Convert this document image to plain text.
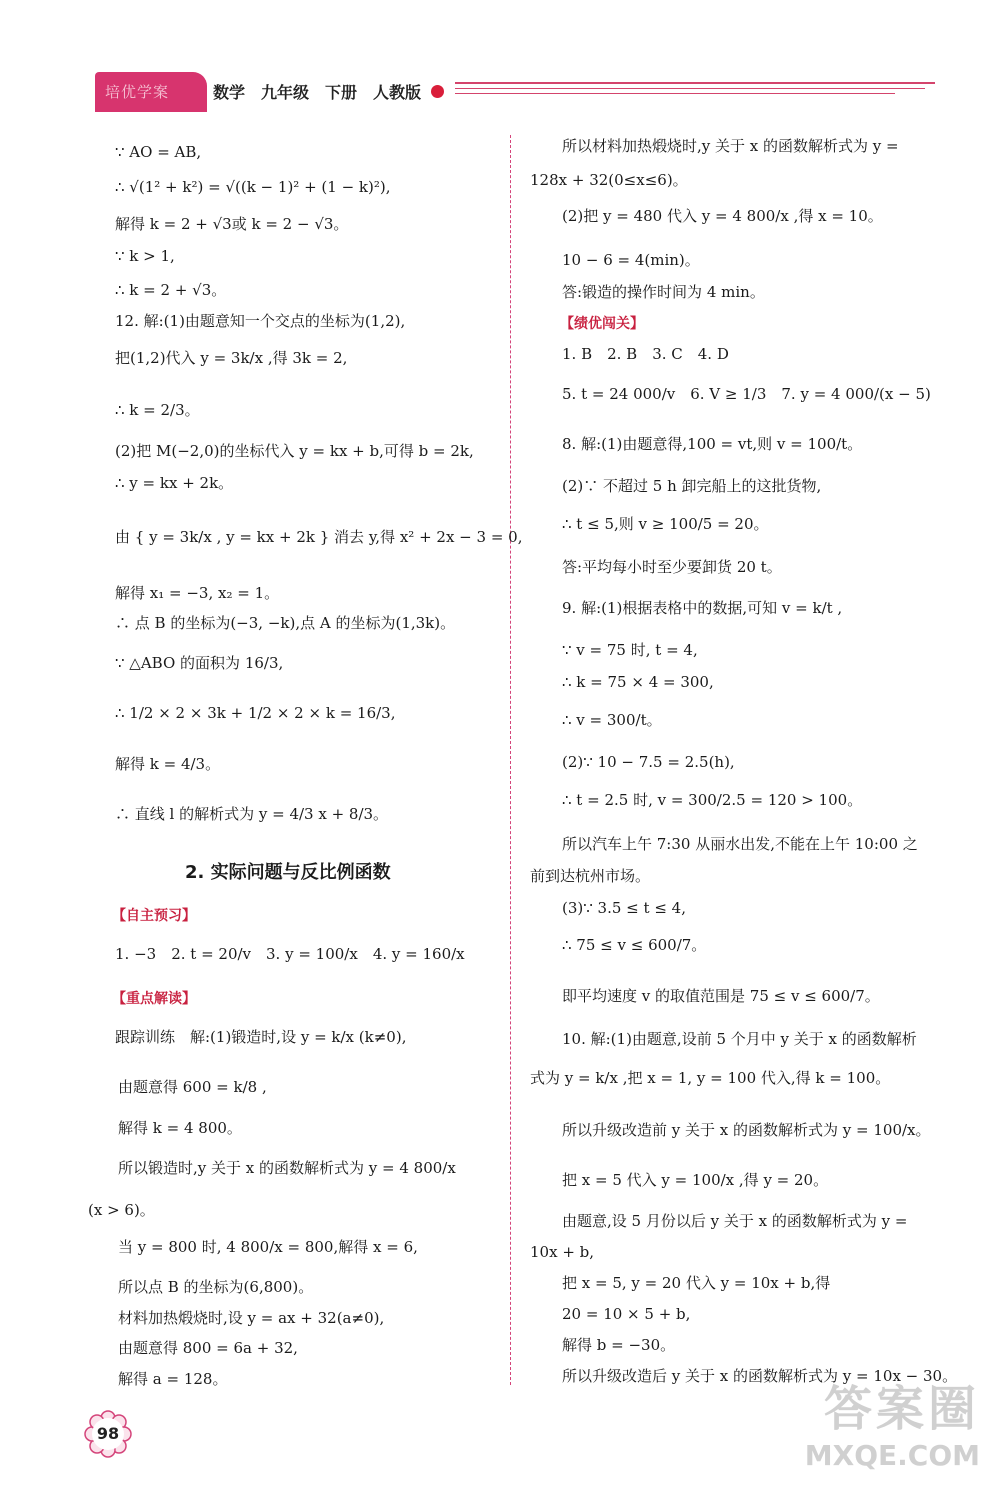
培优学案	数学　九年级　下册　人教版
∵ AO = AB,
∴ √(1² + k²) = √((k − 1)² + (1 − k)²),
解得 k = 2 + √3或 k = 2 − √3。
∵ k > 1,
∴ k = 2 + √3。
12. 解:(1)由题意知一个交点的坐标为(1,2),
把(1,2)代入 y = 3k/x ,得 3k = 2,
∴ k = 2/3。
(2)把 M(−2,0)的坐标代入 y = kx + b,可得 b = 2k,
∴ y = kx + 2k。
由 { y = 3k/x , y = kx + 2k } 消去 y,得 x² + 2x − 3 = 0,
解得 x₁ = −3, x₂ = 1。
∴ 点 B 的坐标为(−3, −k),点 A 的坐标为(1,3k)。
∵ △ABO 的面积为 16/3,
∴ 1/2 × 2 × 3k + 1/2 × 2 × k = 16/3,
解得 k = 4/3。
∴ 直线 l 的解析式为 y = 4/3 x + 8/3。
2. 实际问题与反比例函数
【自主预习】
1. −3　2. t = 20/v　3. y = 100/x　4. y = 160/x
【重点解读】
跟踪训练　解:(1)锻造时,设 y = k/x (k≠0),
由题意得 600 = k/8 ,
解得 k = 4 800。
所以锻造时,y 关于 x 的函数解析式为 y = 4 800/x
(x > 6)。
当 y = 800 时, 4 800/x = 800,解得 x = 6,
所以点 B 的坐标为(6,800)。
材料加热煅烧时,设 y = ax + 32(a≠0),
由题意得 800 = 6a + 32,
解得 a = 128。
所以材料加热煅烧时,y 关于 x 的函数解析式为 y =
128x + 32(0≤x≤6)。
(2)把 y = 480 代入 y = 4 800/x ,得 x = 10。
10 − 6 = 4(min)。
答:锻造的操作时间为 4 min。
【绩优闯关】
1. B　2. B　3. C　4. D
5. t = 24 000/v　6. V ≥ 1/3　7. y = 4 000/(x − 5)
8. 解:(1)由题意得,100 = vt,则 v = 100/t。
(2)∵ 不超过 5 h 卸完船上的这批货物,
∴ t ≤ 5,则 v ≥ 100/5 = 20。
答:平均每小时至少要卸货 20 t。
9. 解:(1)根据表格中的数据,可知 v = k/t ,
∵ v = 75 时, t = 4,
∴ k = 75 × 4 = 300,
∴ v = 300/t。
(2)∵ 10 − 7.5 = 2.5(h),
∴ t = 2.5 时, v = 300/2.5 = 120 > 100。
所以汽车上午 7:30 从丽水出发,不能在上午 10:00 之
前到达杭州市场。
(3)∵ 3.5 ≤ t ≤ 4,
∴ 75 ≤ v ≤ 600/7。
即平均速度 v 的取值范围是 75 ≤ v ≤ 600/7。
10. 解:(1)由题意,设前 5 个月中 y 关于 x 的函数解析
式为 y = k/x ,把 x = 1, y = 100 代入,得 k = 100。
所以升级改造前 y 关于 x 的函数解析式为 y = 100/x。
把 x = 5 代入 y = 100/x ,得 y = 20。
由题意,设 5 月份以后 y 关于 x 的函数解析式为 y =
10x + b,
把 x = 5, y = 20 代入 y = 10x + b,得
20 = 10 × 5 + b,
解得 b = −30。
所以升级改造后 y 关于 x 的函数解析式为 y = 10x − 30。
98	答案圈
MXQE.COM
